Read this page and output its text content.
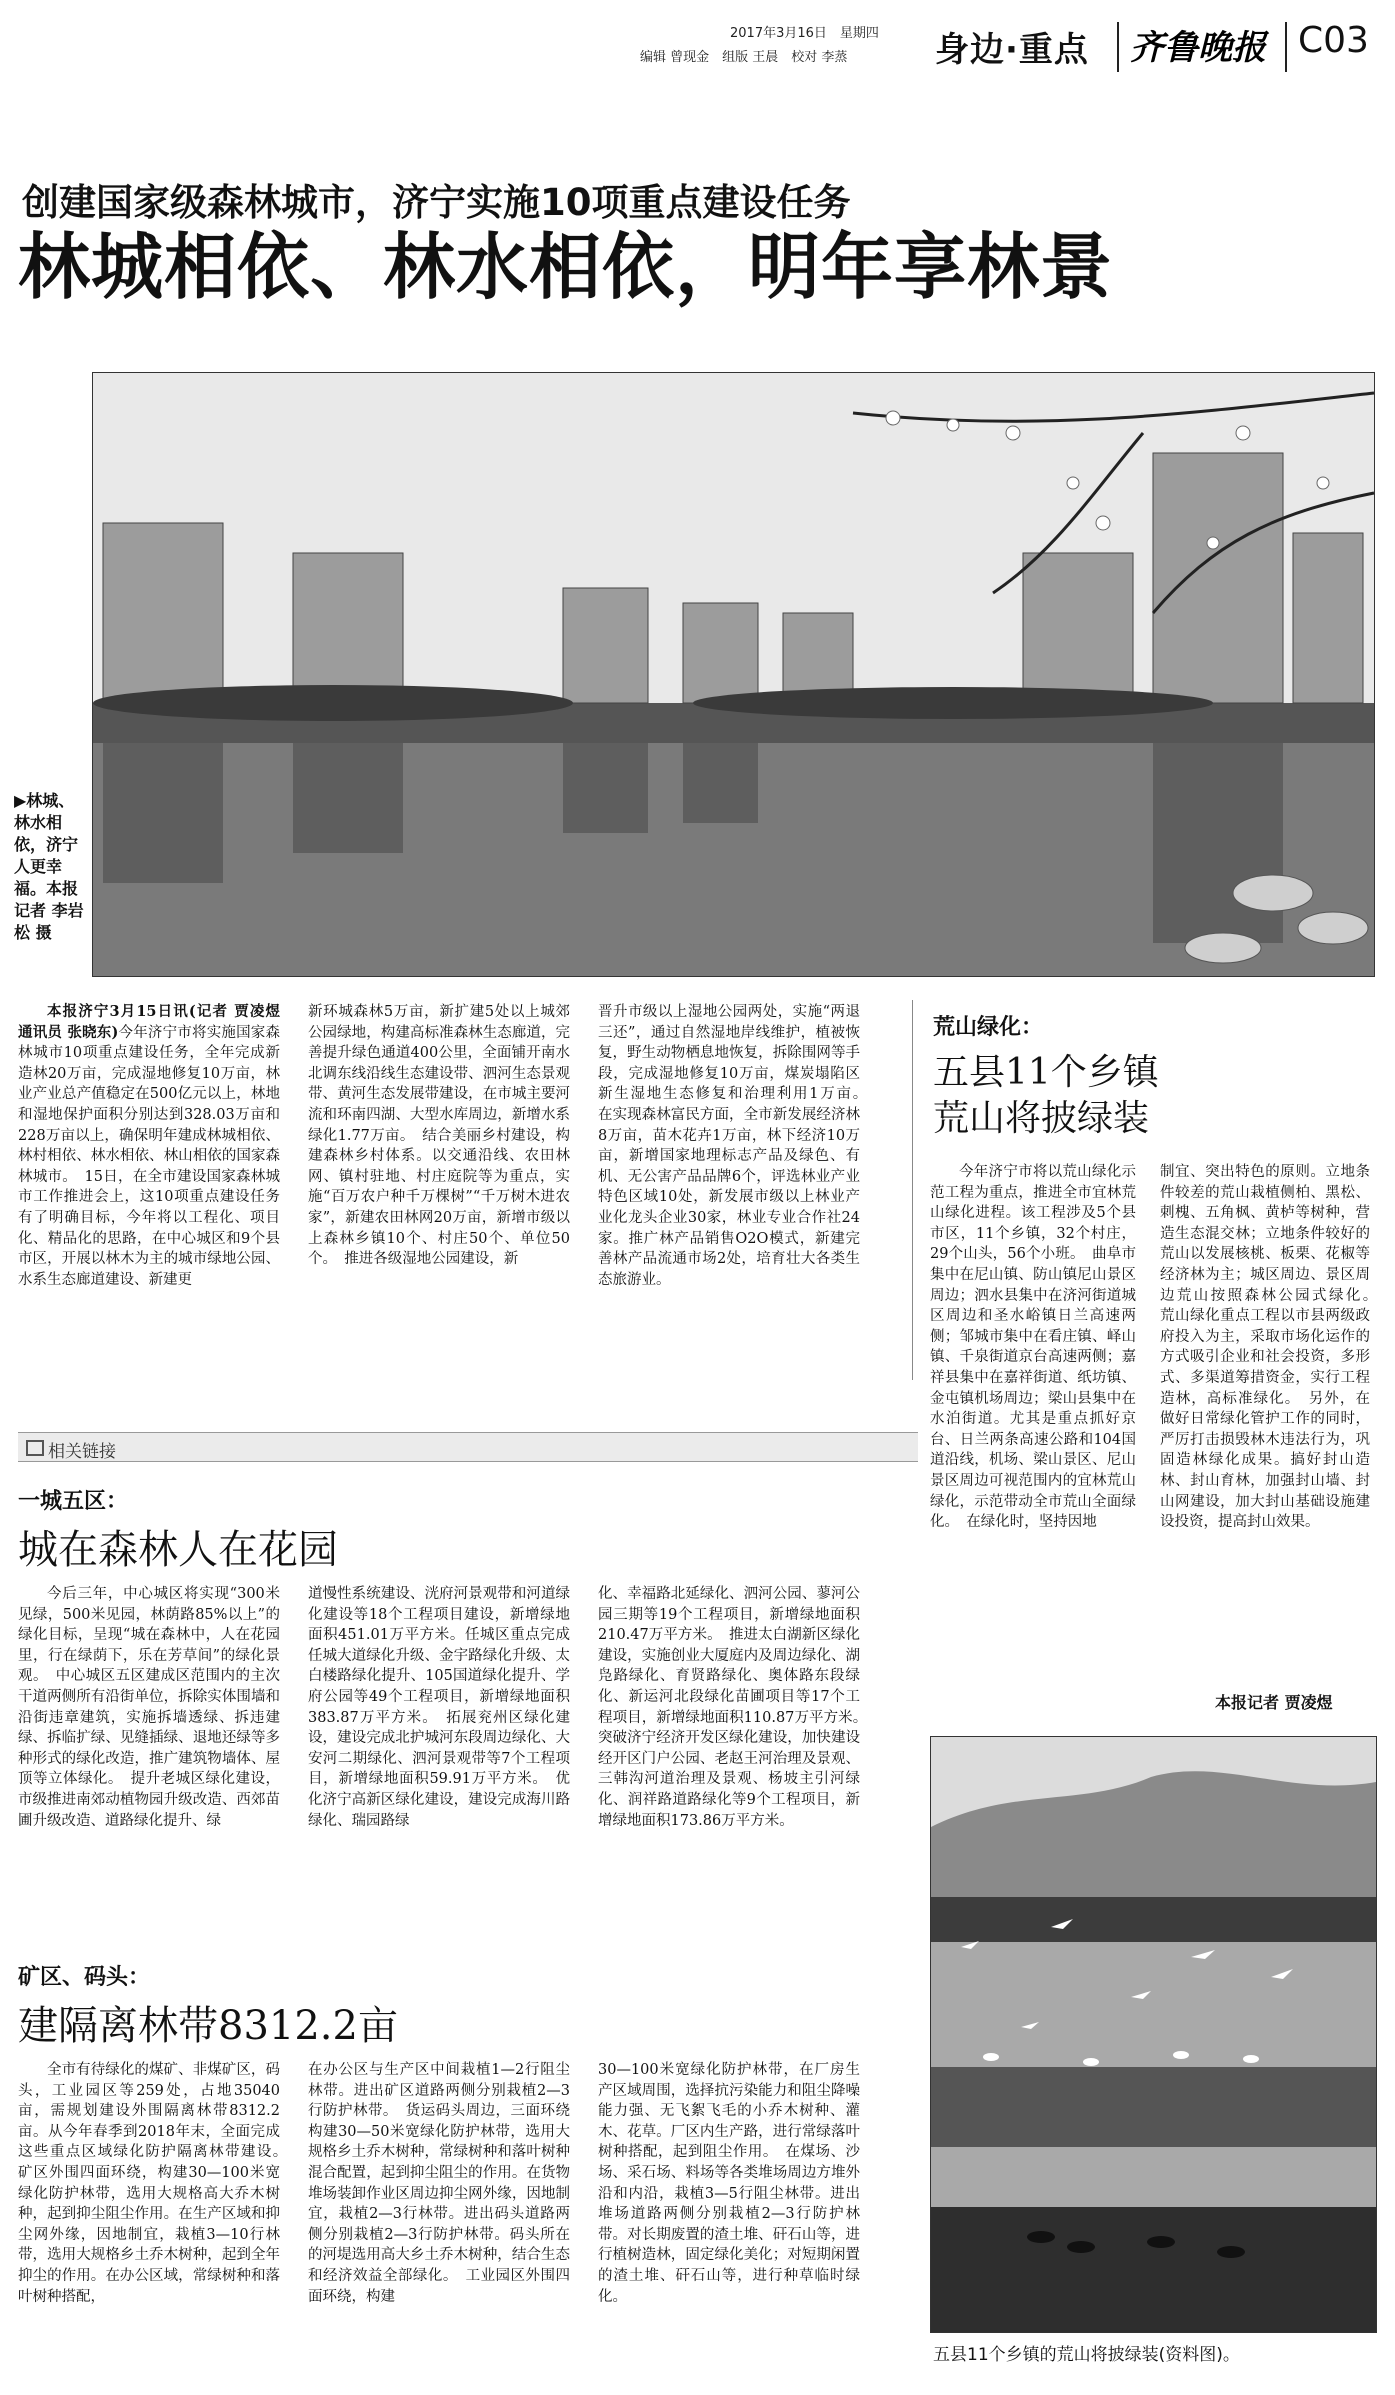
2017年3月16日　星期四
编辑 曾现金　组版 王晨　校对 李蒸	身边·重点 齐鲁晚报 C03
创建国家级森林城市，济宁实施10项重点建设任务
林城相依、林水相依，明年享林景
▶林城、林水相依，济宁人更幸福。本报记者 李岩松 摄

本报济宁3月15日讯(记者 贾凌煜 通讯员 张晓东)今年济宁市将实施国家森林城市10项重点建设任务，全年完成新造林20万亩，完成湿地修复10万亩，林业产业总产值稳定在500亿元以上，林地和湿地保护面积分别达到328.03万亩和228万亩以上，确保明年建成林城相依、林村相依、林水相依、林山相依的国家森林城市。　15日，在全市建设国家森林城市工作推进会上，这10项重点建设任务有了明确目标，今年将以工程化、项目化、精品化的思路，在中心城区和9个县市区，开展以林木为主的城市绿地公园、水系生态廊道建设、新建更

新环城森林5万亩，新扩建5处以上城郊公园绿地，构建高标准森林生态廊道，完善提升绿色通道400公里，全面铺开南水北调东线沿线生态建设带、泗河生态景观带、黄河生态发展带建设，在市城主要河流和环南四湖、大型水库周边，新增水系绿化1.77万亩。　结合美丽乡村建设，构建森林乡村体系。以交通沿线、农田林网、镇村驻地、村庄庭院等为重点，实施“百万农户种千万棵树”“千万树木进农家”，新建农田林网20万亩，新增市级以上森林乡镇10个、村庄50个、单位50个。　推进各级湿地公园建设，新

晋升市级以上湿地公园两处，实施“两退三还”，通过自然湿地岸线维护，植被恢复，野生动物栖息地恢复，拆除围网等手段，完成湿地修复10万亩，煤炭塌陷区新生湿地生态修复和治理利用1万亩。　在实现森林富民方面，全市新发展经济林8万亩，苗木花卉1万亩，林下经济10万亩，新增国家地理标志产品及绿色、有机、无公害产品品牌6个，评选林业产业特色区域10处，新发展市级以上林业产业化龙头企业30家，林业专业合作社24家。推广林产品销售O2O模式，新建完善林产品流通市场2处，培育壮大各类生态旅游业。

相关链接
一城五区：
城在森林人在花园

今后三年，中心城区将实现“300米见绿，500米见园，林荫路85%以上”的绿化目标，呈现“城在森林中，人在花园里，行在绿荫下，乐在芳草间”的绿化景观。　中心城区五区建成区范围内的主次干道两侧所有沿街单位，拆除实体围墙和沿街违章建筑，实施拆墙透绿、拆违建绿、拆临扩绿、见缝插绿、退地还绿等多种形式的绿化改造，推广建筑物墙体、屋顶等立体绿化。　提升老城区绿化建设，市级推进南郊动植物园升级改造、西郊苗圃升级改造、道路绿化提升、绿

道慢性系统建设、洸府河景观带和河道绿化建设等18个工程项目建设，新增绿地面积451.01万平方米。任城区重点完成任城大道绿化升级、金宇路绿化升级、太白楼路绿化提升、105国道绿化提升、学府公园等49个工程项目，新增绿地面积383.87万平方米。　拓展兖州区绿化建设，建设完成北护城河东段周边绿化、大安河二期绿化、泗河景观带等7个工程项目，新增绿地面积59.91万平方米。　优化济宁高新区绿化建设，建设完成海川路绿化、瑞园路绿

化、幸福路北延绿化、泗河公园、蓼河公园三期等19个工程项目，新增绿地面积210.47万平方米。　推进太白湖新区绿化建设，实施创业大厦庭内及周边绿化、湖凫路绿化、育贤路绿化、奥体路东段绿化、新运河北段绿化苗圃项目等17个工程项目，新增绿地面积110.87万平方米。　突破济宁经济开发区绿化建设，加快建设经开区门户公园、老赵王河治理及景观、三韩沟河道治理及景观、杨坡主引河绿化、润祥路道路绿化等9个工程项目，新增绿地面积173.86万平方米。

矿区、码头：
建隔离林带8312.2亩

全市有待绿化的煤矿、非煤矿区，码头，工业园区等259处，占地35040亩，需规划建设外围隔离林带8312.2亩。从今年春季到2018年末，全面完成这些重点区域绿化防护隔离林带建设。　矿区外围四面环绕，构建30—100米宽绿化防护林带，选用大规格高大乔木树种，起到抑尘阻尘作用。在生产区域和抑尘网外缘，因地制宜，栽植3—10行林带，选用大规格乡土乔木树种，起到全年抑尘的作用。在办公区域，常绿树种和落叶树种搭配，

在办公区与生产区中间栽植1—2行阻尘林带。进出矿区道路两侧分别栽植2—3行防护林带。　货运码头周边，三面环绕构建30—50米宽绿化防护林带，选用大规格乡土乔木树种，常绿树种和落叶树种混合配置，起到抑尘阻尘的作用。在货物堆场装卸作业区周边抑尘网外缘，因地制宜，栽植2—3行林带。进出码头道路两侧分别栽植2—3行防护林带。码头所在的河堤选用高大乡土乔木树种，结合生态和经济效益全部绿化。　工业园区外围四面环绕，构建

30—100米宽绿化防护林带，在厂房生产区域周围，选择抗污染能力和阻尘降噪能力强、无飞絮飞毛的小乔木树种、灌木、花草。厂区内生产路，进行常绿落叶树种搭配，起到阻尘作用。　在煤场、沙场、采石场、料场等各类堆场周边方堆外沿和内沿，栽植3—5行阻尘林带。进出堆场道路两侧分别栽植2—3行防护林带。对长期废置的渣土堆、矸石山等，进行植树造林，固定绿化美化；对短期闲置的渣土堆、矸石山等，进行种草临时绿化。

荒山绿化：
五县11个乡镇
荒山将披绿装

今年济宁市将以荒山绿化示范工程为重点，推进全市宜林荒山绿化进程。该工程涉及5个县市区，11个乡镇，32个村庄，29个山头，56个小班。　曲阜市集中在尼山镇、防山镇尼山景区周边；泗水县集中在济河街道城区周边和圣水峪镇日兰高速两侧；邹城市集中在看庄镇、峄山镇、千泉街道京台高速两侧；嘉祥县集中在嘉祥街道、纸坊镇、金屯镇机场周边；梁山县集中在水泊街道。尤其是重点抓好京台、日兰两条高速公路和104国道沿线，机场、梁山景区、尼山景区周边可视范围内的宜林荒山绿化，示范带动全市荒山全面绿化。　在绿化时，坚持因地

制宜、突出特色的原则。立地条件较差的荒山栽植侧柏、黑松、刺槐、五角枫、黄栌等树种，营造生态混交林；立地条件较好的荒山以发展核桃、板栗、花椒等经济林为主；城区周边、景区周边荒山按照森林公园式绿化。　荒山绿化重点工程以市县两级政府投入为主，采取市场化运作的方式吸引企业和社会投资，多形式、多渠道筹措资金，实行工程造林，高标准绿化。　另外，在做好日常绿化管护工作的同时，严厉打击损毁林木违法行为，巩固造林绿化成果。搞好封山造林、封山育林，加强封山墙、封山网建设，加大封山基础设施建设投资，提高封山效果。

本报记者 贾凌煜
五县11个乡镇的荒山将披绿装(资料图)。
